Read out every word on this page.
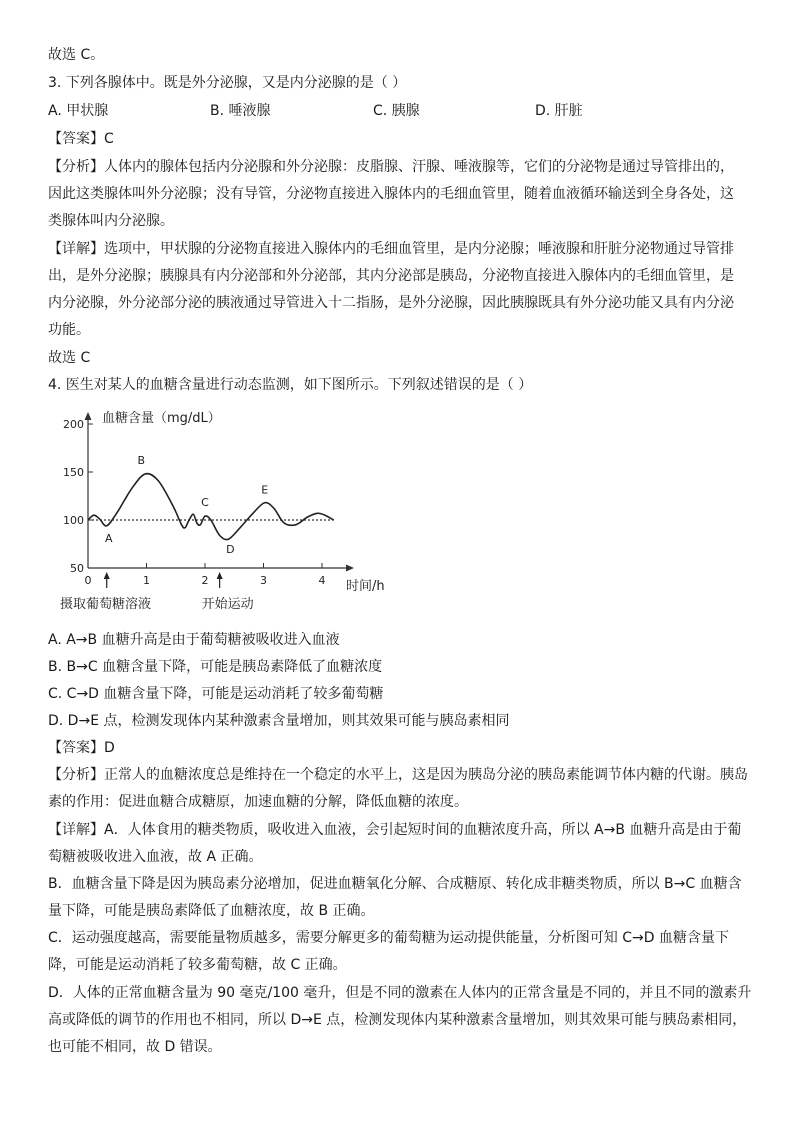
故选 C。
3. 下列各腺体中。既是外分泌腺，又是内分泌腺的是（ ）
A. 甲状腺	B. 唾液腺	C. 胰腺	D. 肝脏
【答案】C
【分析】人体内的腺体包括内分泌腺和外分泌腺：皮脂腺、汗腺、唾液腺等，它们的分泌物是通过导管排出的，
因此这类腺体叫外分泌腺；没有导管，分泌物直接进入腺体内的毛细血管里，随着血液循环输送到全身各处，这
类腺体叫内分泌腺。
【详解】选项中，甲状腺的分泌物直接进入腺体内的毛细血管里，是内分泌腺；唾液腺和肝脏分泌物通过导管排
出，是外分泌腺；胰腺具有内分泌部和外分泌部，其内分泌部是胰岛，分泌物直接进入腺体内的毛细血管里，是
内分泌腺，外分泌部分泌的胰液通过导管进入十二指肠，是外分泌腺，因此胰腺既具有外分泌功能又具有内分泌
功能。
故选 C
4. 医生对某人的血糖含量进行动态监测，如下图所示。下列叙述错误的是（ ）
血糖含量（mg/dL）
时间/h
200
150
100
50
0	1	2	3	4
A
B
C
D
E
摄取葡萄糖溶液	开始运动
A. A→B 血糖升高是由于葡萄糖被吸收进入血液
B. B→C 血糖含量下降，可能是胰岛素降低了血糖浓度
C. C→D 血糖含量下降，可能是运动消耗了较多葡萄糖
D. D→E 点，检测发现体内某种激素含量增加，则其效果可能与胰岛素相同
【答案】D
【分析】正常人的血糖浓度总是维持在一个稳定的水平上，这是因为胰岛分泌的胰岛素能调节体内糖的代谢。胰岛
素的作用：促进血糖合成糖原，加速血糖的分解，降低血糖的浓度。
【详解】A．人体食用的糖类物质，吸收进入血液，会引起短时间的血糖浓度升高，所以 A→B 血糖升高是由于葡
萄糖被吸收进入血液，故 A 正确。
B．血糖含量下降是因为胰岛素分泌增加，促进血糖氧化分解、合成糖原、转化成非糖类物质，所以 B→C 血糖含
量下降，可能是胰岛素降低了血糖浓度，故 B 正确。
C．运动强度越高，需要能量物质越多，需要分解更多的葡萄糖为运动提供能量，分析图可知 C→D 血糖含量下
降，可能是运动消耗了较多葡萄糖，故 C 正确。
D．人体的正常血糖含量为 90 毫克/100 毫升，但是不同的激素在人体内的正常含量是不同的，并且不同的激素升
高或降低的调节的作用也不相同，所以 D→E 点，检测发现体内某种激素含量增加，则其效果可能与胰岛素相同，
也可能不相同，故 D 错误。
